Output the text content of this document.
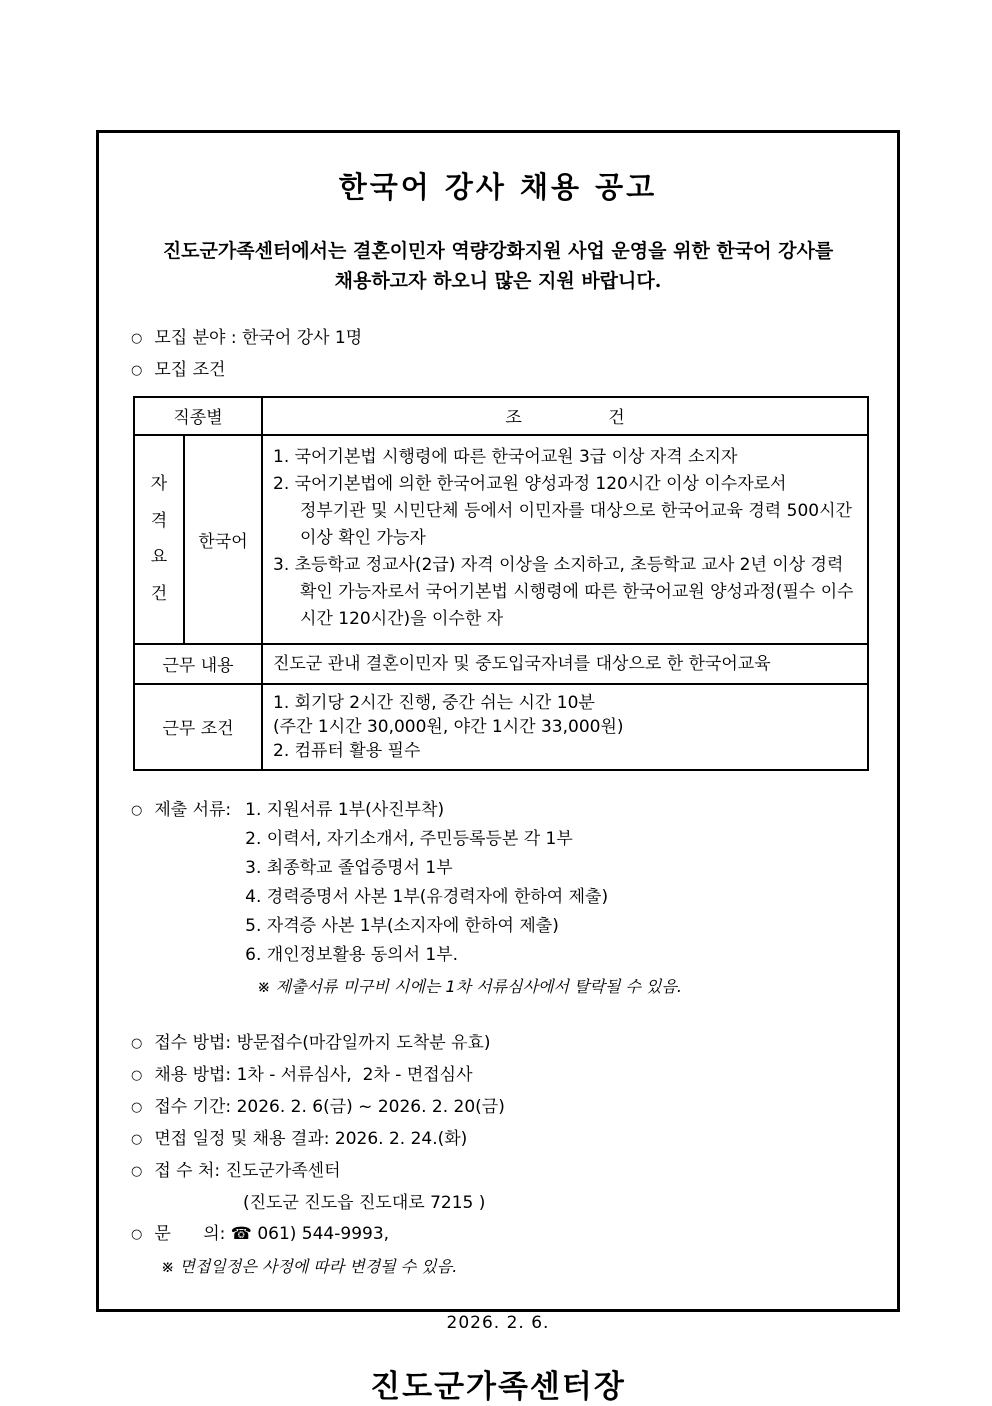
한국어 강사 채용 공고

진도군가족센터에서는 결혼이민자 역량강화지원 사업 운영을 위한 한국어 강사를 채용하고자 하오니 많은 지원 바랍니다.

○ 모집 분야 : 한국어 강사 1명
○ 모집 조건
직종별		조                건

자격요건	한국어	1. 국어기본법 시행령에 따른 한국어교원 3급 이상 자격 소지자
2. 국어기본법에 의한 한국어교원 양성과정 120시간 이상 이수자로서 정부기관 및 시민단체 등에서 이민자를 대상으로 한국어교육 경력 500시간 이상 확인 가능자
3. 초등학교 정교사(2급) 자격 이상을 소지하고, 초등학교 교사 2년 이상 경력 확인 가능자로서 국어기본법 시행령에 따른 한국어교원 양성과정(필수 이수 시간 120시간)을 이수한 자

근무 내용		진도군 관내 결혼이민자 및 중도입국자녀를 대상으로 한 한국어교육
근무 조건		1. 회기당 2시간 진행, 중간 쉬는 시간 10분
(주간 1시간 30,000원, 야간 1시간 33,000원)
2. 컴퓨터 활용 필수
○ 제출 서류: 1. 지원서류 1부(사진부착)
2. 이력서, 자기소개서, 주민등록등본 각 1부
3. 최종학교 졸업증명서 1부
4. 경력증명서 사본 1부(유경력자에 한하여 제출)
5. 자격증 사본 1부(소지자에 한하여 제출)
6. 개인정보활용 동의서 1부.
※ 제출서류 미구비 시에는 1차 서류심사에서 탈락될 수 있음.
○ 접수 방법: 방문접수(마감일까지 도착분 유효)
○ 채용 방법: 1차 - 서류심사,  2차 - 면접심사
○ 접수 기간: 2026. 2. 6(금) ~ 2026. 2. 20(금)
○ 면접 일정 및 채용 결과: 2026. 2. 24.(화)
○ 접 수 처: 진도군가족센터
(진도군 진도읍 진도대로 7215 )
○ 문      의: ☎ 061) 544-9993,
※ 면접일정은 사정에 따라 변경될 수 있음.
2026. 2. 6.
진도군가족센터장
